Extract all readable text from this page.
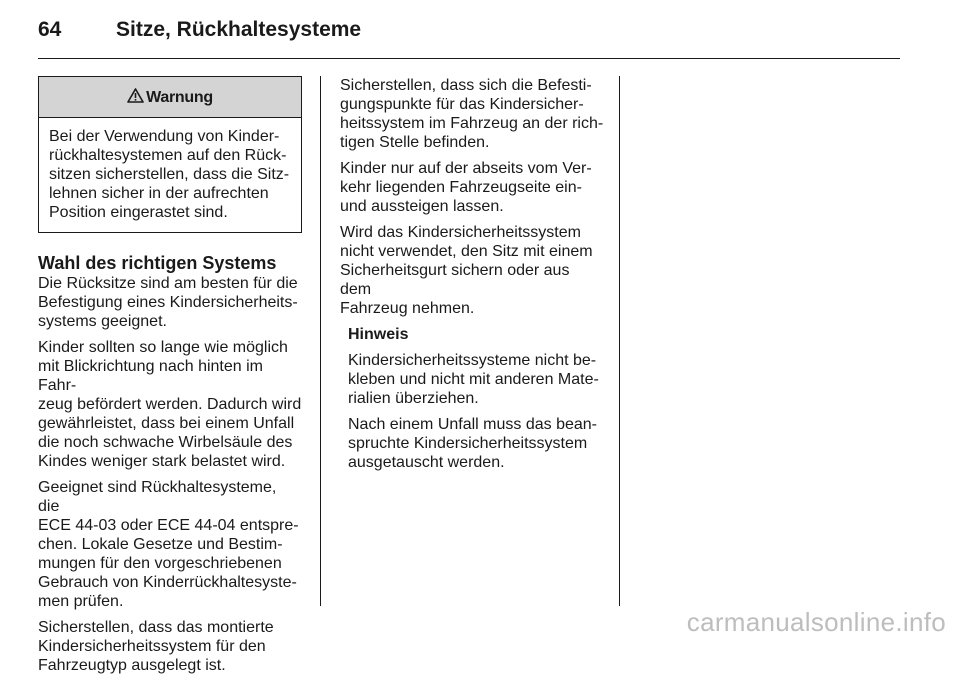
64	Sitze, Rückhaltesysteme
Warnung
Bei der Verwendung von Kinder-
rückhaltesystemen auf den Rück-
sitzen sicherstellen, dass die Sitz-
lehnen sicher in der aufrechten
Position eingerastet sind.
Wahl des richtigen Systems

Die Rücksitze sind am besten für die
Befestigung eines Kindersicherheits-
systems geeignet.

Kinder sollten so lange wie möglich
mit Blickrichtung nach hinten im Fahr-
zeug befördert werden. Dadurch wird
gewährleistet, dass bei einem Unfall
die noch schwache Wirbelsäule des
Kindes weniger stark belastet wird.

Geeignet sind Rückhaltesysteme, die
ECE 44-03 oder ECE 44-04 entspre-
chen. Lokale Gesetze und Bestim-
mungen für den vorgeschriebenen
Gebrauch von Kinderrückhaltesyste-
men prüfen.

Sicherstellen, dass das montierte
Kindersicherheitssystem für den
Fahrzeugtyp ausgelegt ist.

Sicherstellen, dass sich die Befesti-
gungspunkte für das Kindersicher-
heitssystem im Fahrzeug an der rich-
tigen Stelle befinden.

Kinder nur auf der abseits vom Ver-
kehr liegenden Fahrzeugseite ein-
und aussteigen lassen.

Wird das Kindersicherheitssystem
nicht verwendet, den Sitz mit einem
Sicherheitsgurt sichern oder aus dem
Fahrzeug nehmen.

Hinweis

Kindersicherheitssysteme nicht be-
kleben und nicht mit anderen Mate-
rialien überziehen.

Nach einem Unfall muss das bean-
spruchte Kindersicherheitssystem
ausgetauscht werden.

carmanualsonline.info
